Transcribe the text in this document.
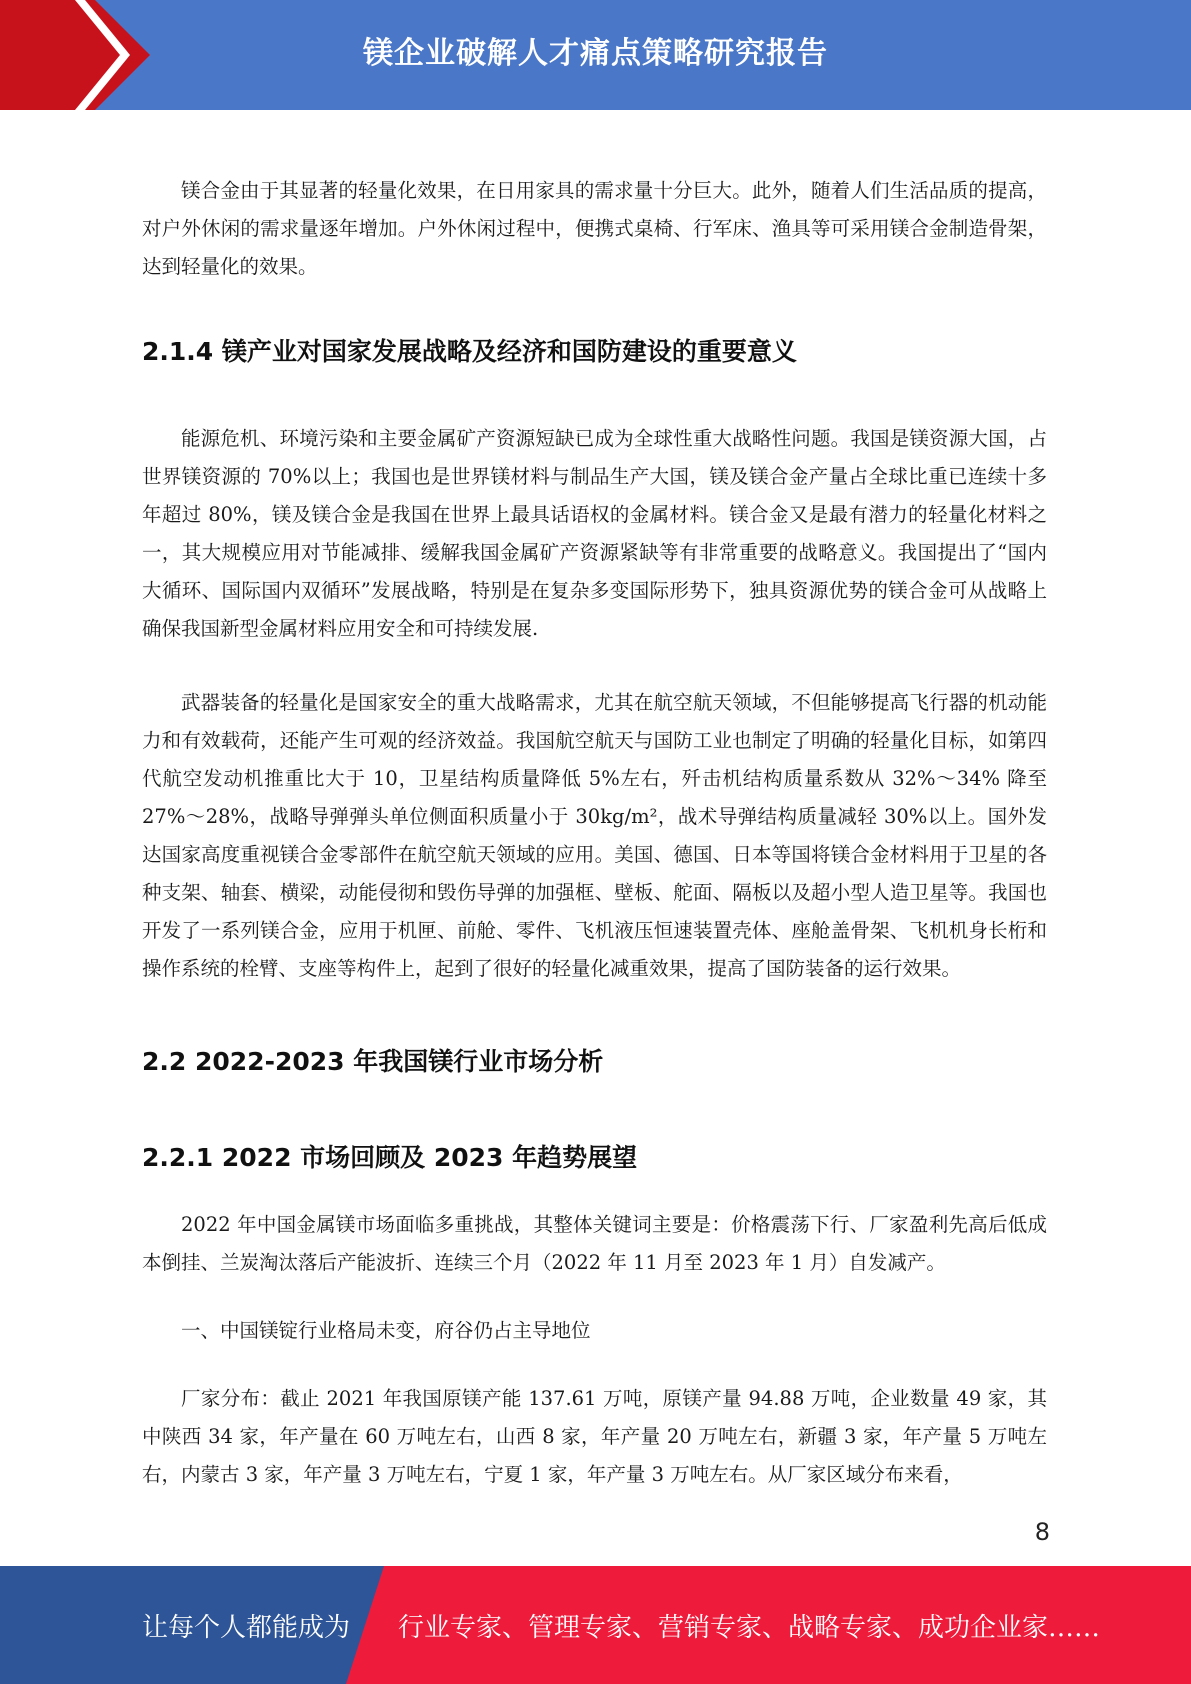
镁企业破解人才痛点策略研究报告

镁合金由于其显著的轻量化效果，在日用家具的需求量十分巨大。此外，随着人们生活品质的提高，对户外休闲的需求量逐年增加。户外休闲过程中，便携式桌椅、行军床、渔具等可采用镁合金制造骨架，达到轻量化的效果。

2.1.4 镁产业对国家发展战略及经济和国防建设的重要意义

能源危机、环境污染和主要金属矿产资源短缺已成为全球性重大战略性问题。我国是镁资源大国，占世界镁资源的 70%以上；我国也是世界镁材料与制品生产大国，镁及镁合金产量占全球比重已连续十多年超过 80%，镁及镁合金是我国在世界上最具话语权的金属材料。镁合金又是最有潜力的轻量化材料之一，其大规模应用对节能减排、缓解我国金属矿产资源紧缺等有非常重要的战略意义。我国提出了“国内大循环、国际国内双循环”发展战略，特别是在复杂多变国际形势下，独具资源优势的镁合金可从战略上确保我国新型金属材料应用安全和可持续发展.

武器装备的轻量化是国家安全的重大战略需求，尤其在航空航天领域，不但能够提高飞行器的机动能力和有效载荷，还能产生可观的经济效益。我国航空航天与国防工业也制定了明确的轻量化目标，如第四代航空发动机推重比大于 10，卫星结构质量降低 5%左右，歼击机结构质量系数从 32%～34% 降至 27%～28%，战略导弹弹头单位侧面积质量小于 30kg/m²，战术导弹结构质量减轻 30%以上。国外发达国家高度重视镁合金零部件在航空航天领域的应用。美国、德国、日本等国将镁合金材料用于卫星的各种支架、轴套、横梁，动能侵彻和毁伤导弹的加强框、壁板、舵面、隔板以及超小型人造卫星等。我国也开发了一系列镁合金，应用于机匣、前舱、零件、飞机液压恒速装置壳体、座舱盖骨架、飞机机身长桁和操作系统的栓臂、支座等构件上，起到了很好的轻量化减重效果，提高了国防装备的运行效果。

2.2 2022-2023 年我国镁行业市场分析
2.2.1 2022 市场回顾及 2023 年趋势展望

2022 年中国金属镁市场面临多重挑战，其整体关键词主要是：价格震荡下行、厂家盈利先高后低成本倒挂、兰炭淘汰落后产能波折、连续三个月（2022 年 11 月至 2023 年 1 月）自发减产。

一、中国镁锭行业格局未变，府谷仍占主导地位

厂家分布：截止 2021 年我国原镁产能 137.61 万吨，原镁产量 94.88 万吨，企业数量 49 家，其中陕西 34 家，年产量在 60 万吨左右，山西 8 家，年产量 20 万吨左右，新疆 3 家，年产量 5 万吨左右，内蒙古 3 家，年产量 3 万吨左右，宁夏 1 家，年产量 3 万吨左右。从厂家区域分布来看，

8
让每个人都能成为 行业专家、管理专家、营销专家、战略专家、成功企业家……
